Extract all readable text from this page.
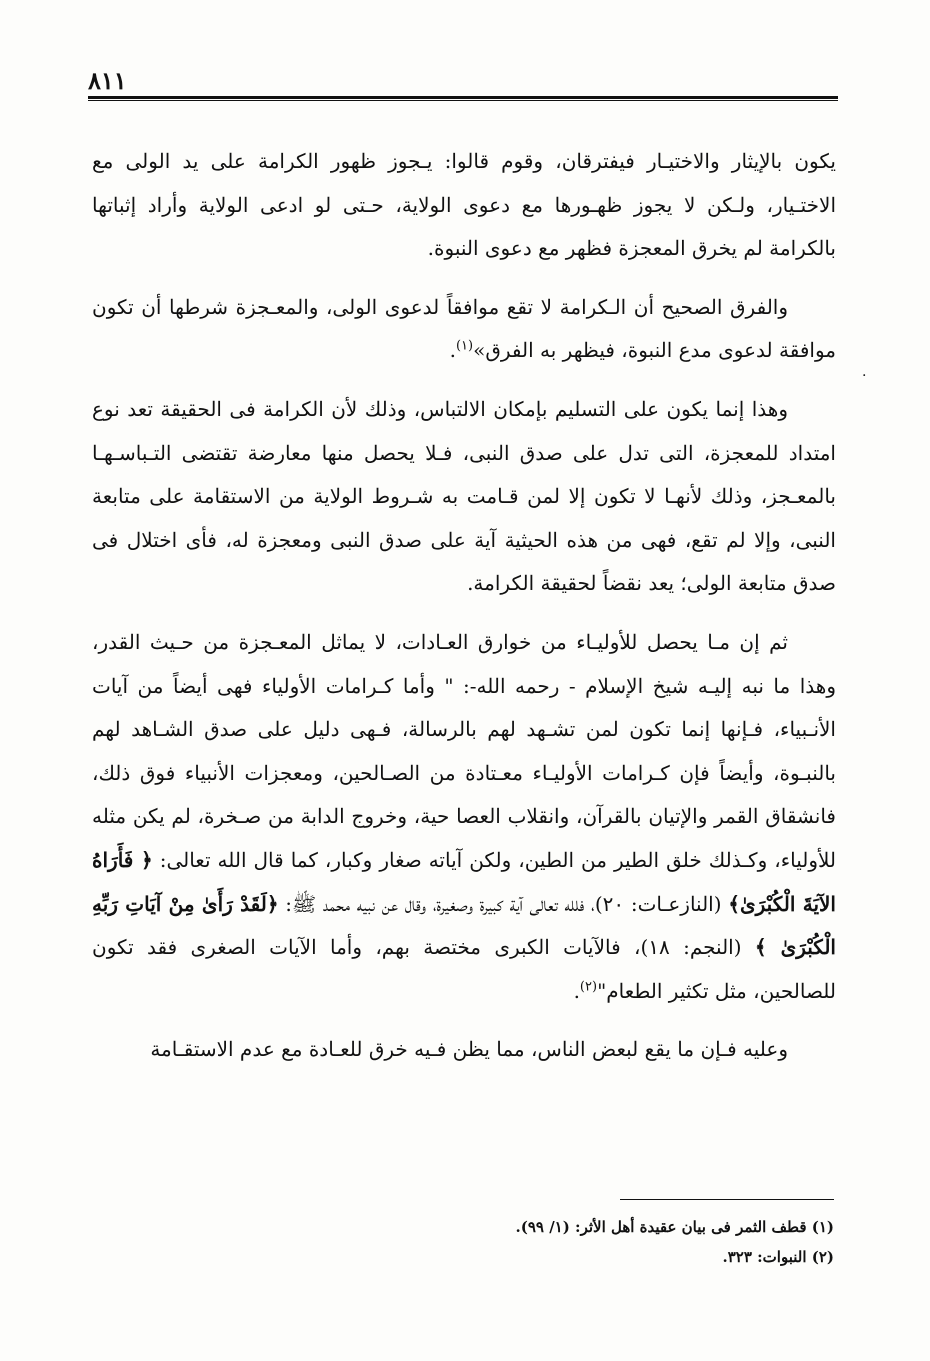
٨١١
.

يكون بالإيثار والاختيـار فيفترقان، وقوم قالوا: يـجوز ظهور الكرامة على يد الولى مع الاختـيار، ولـكن لا يجوز ظهـورها مع دعوى الولاية، حـتى لو ادعى الولاية وأراد إثباتها بالكرامة لم يخرق المعجزة فظهر مع دعوى النبوة.

والفرق الصحيح أن الـكرامة لا تقع موافقاً لدعوى الولى، والمعـجزة شرطها أن تكون موافقة لدعوى مدع النبوة، فيظهر به الفرق»$^{(١)}$.

وهذا إنما يكون على التسليم بإمكان الالتباس، وذلك لأن الكرامة فى الحقيقة تعد نوع امتداد للمعجزة، التى تدل على صدق النبى، فـلا يحصل منها معارضة تقتضى التـباسـهـا بالمعـجز، وذلك لأنهـا لا تكون إلا لمن قـامت به شـروط الولاية من الاستقامة على متابعة النبى، وإلا لم تقع، فهى من هذه الحيثية آية على صدق النبى ومعجزة له، فأى اختلال فى صدق متابعة الولى؛ يعد نقضاً لحقيقة الكرامة.

ثم إن مـا يحصل للأوليـاء من خوارق العـادات، لا يماثل المعـجزة من حـيث القدر، وهذا ما نبه إليـه شيخ الإسلام - رحمه الله-: " وأما كـرامات الأولياء فهى أيضاً من آيات الأنـبياء، فـإنها إنما تكون لمن تشـهد لهم بالرسالة، فـهى دليل على صدق الشـاهد لهم بالنبـوة، وأيضاً فإن كـرامات الأوليـاء معـتادة من الصـالحين، ومعجزات الأنبياء فوق ذلك، فانشقاق القمر والإتيان بالقرآن، وانقلاب العصا حية، وخروج الدابة من صـخرة، لم يكن مثله للأولياء، وكـذلك خلق الطير من الطين، ولكن آياته صغار وكبار، كما قال الله تعالى: ﴿ فَأَرَاهُ الآيَةَ الْكُبْرَىٰ﴾ (النازعـات: ٢٠)، فلله تعالى آية كبيرة وصغيرة، وقال عن نبيه محمد ﷺ: ﴿لَقَدْ رَأَىٰ مِنْ آيَاتِ رَبِّهِ الْكُبْرَىٰ ﴾ (النجم: ١٨)، فالآيات الكبرى مختصة بهم، وأما الآيات الصغرى فقد تكون للصالحين، مثل تكثير الطعام"$^{(٢)}$.

وعليه فـإن ما يقع لبعض الناس، مما يظن فـيه خرق للعـادة مع عدم الاستقـامة

(١) قطف الثمر فى بيان عقيدة أهل الأثر: (١/ ٩٩).
(٢) النبوات: ٣٢٣.
